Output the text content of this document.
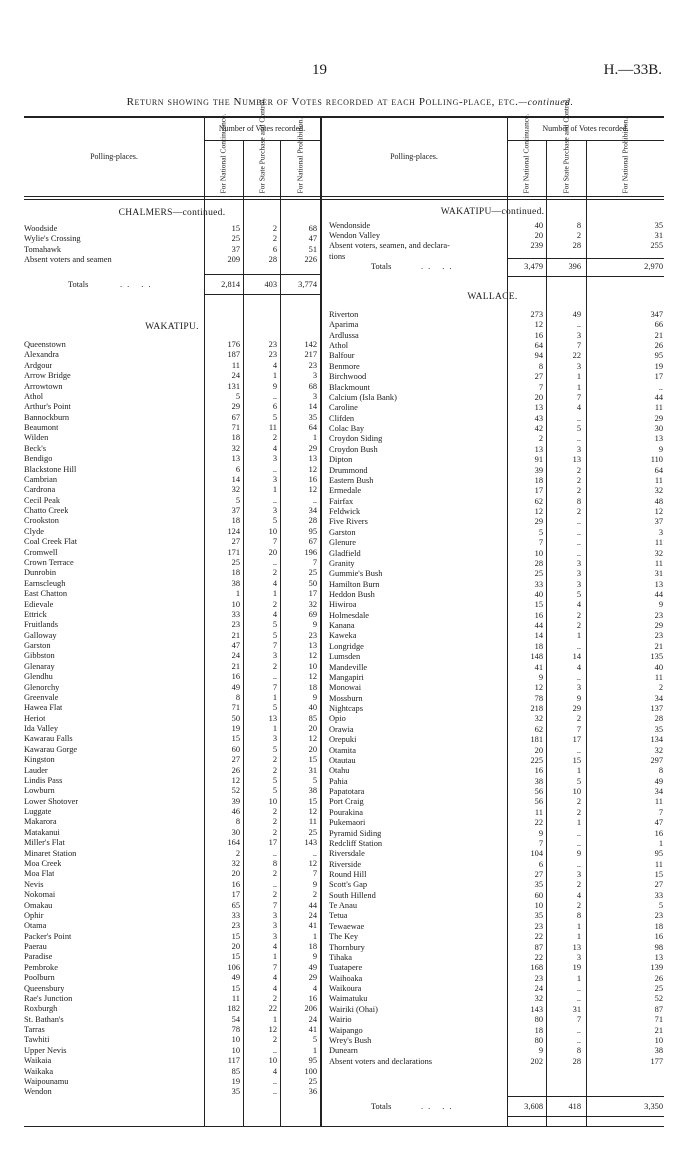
19	H.—33B.
Return showing the Number of Votes recorded at each Polling-place, etc.—continued.
Polling-places.
Number of Votes recorded.
Polling-places.
Number of Votes recorded.
For National Continuance.	For State Purchase and Control.	For National Prohibition.	For National Continuance.	For State Purchase and Control.	For National Prohibition.
CHALMERS—continued.
WAKATIPU.
WAKATIPU—continued.
WALLACE.
Woodside	15	2	68
Wylie's Crossing	25	2	47
Tomahawk	37	6	51
Absent voters and seamen	209	28	226
Queenstown	176	23	142
Alexandra	187	23	217
Ardgour	11	4	23
Arrow Bridge	24	1	3
Arrowtown	131	9	68
Athol	5	..	3
Arthur's Point	29	6	14
Bannockburn	67	5	35
Beaumont	71	11	64
Wilden	18	2	1
Beck's	32	4	29
Bendigo	13	3	13
Blackstone Hill	6	..	12
Cambrian	14	3	16
Cardrona	32	1	12
Cecil Peak	5	..	..
Chatto Creek	37	3	34
Crookston	18	5	28
Clyde	124	10	95
Coal Creek Flat	27	7	67
Cromwell	171	20	196
Crown Terrace	25	..	7
Dunrobin	18	2	25
Earnscleugh	38	4	50
East Chatton	1	1	17
Edievale	10	2	32
Ettrick	33	4	69
Fruitlands	23	5	9
Galloway	21	5	23
Garston	47	7	13
Gibbston	24	3	12
Glenaray	21	2	10
Glendhu	16	..	12
Glenorchy	49	7	18
Greenvale	8	1	9
Hawea Flat	71	5	40
Heriot	50	13	85
Ida Valley	19	1	20
Kawarau Falls	15	3	12
Kawarau Gorge	60	5	20
Kingston	27	2	15
Lauder	26	2	31
Lindis Pass	12	5	5
Lowburn	52	5	38
Lower Shotover	39	10	15
Luggate	46	2	12
Makarora	8	2	11
Matakanui	30	2	25
Miller's Flat	164	17	143
Minaret Station	2	..	..
Moa Creek	32	8	12
Moa Flat	20	2	7
Nevis	16	..	9
Nokomai	17	2	2
Omakau	65	7	44
Ophir	33	3	24
Otama	23	3	41
Packer's Point	15	3	1
Paerau	20	4	18
Paradise	15	1	9
Pembroke	106	7	49
Poolburn	49	4	29
Queensbury	15	4	4
Rae's Junction	11	2	16
Roxburgh	182	22	206
St. Bathan's	54	1	24
Tarras	78	12	41
Tawhiti	10	2	5
Upper Nevis	10	..	1
Waikaia	117	10	95
Waikaka	85	4	100
Waipounamu	19	..	25
Wendon	35	..	36
Wendonside	40	8	35
Wendon Valley	20	2	31
Absent voters, seamen, and declara-	239	28	255
tions
Riverton	273	49	347
Aparima	12	..	66
Ardlussa	16	3	21
Athol	64	7	26
Balfour	94	22	95
Benmore	8	3	19
Birchwood	27	1	17
Blackmount	7	1	..
Calcium (Isla Bank)	20	7	44
Caroline	13	4	11
Clifden	43	..	29
Colac Bay	42	5	30
Croydon Siding	2	..	13
Croydon Bush	13	3	9
Dipton	91	13	110
Drummond	39	2	64
Eastern Bush	18	2	11
Ermedale	17	2	32
Fairfax	62	8	48
Feldwick	12	2	12
Five Rivers	29	..	37
Garston	5	..	3
Glenure	7	..	11
Gladfield	10	..	32
Granity	28	3	11
Gummie's Bush	25	3	31
Hamilton Burn	33	3	13
Heddon Bush	40	5	44
Hiwiroa	15	4	9
Holmesdale	16	2	23
Kanana	44	2	29
Kaweka	14	1	23
Longridge	18	..	21
Lumsden	148	14	135
Mandeville	41	4	40
Mangapiri	9	..	11
Monowai	12	3	2
Mossburn	78	9	34
Nightcaps	218	29	137
Opio	32	2	28
Orawia	62	7	35
Orepuki	181	17	134
Otamita	20	..	32
Otautau	225	15	297
Otahu	16	1	8
Pahia	38	5	49
Papatotara	56	10	34
Port Craig	56	2	11
Pourakina	11	2	7
Pukemaori	22	1	47
Pyramid Siding	9	..	16
Redcliff Station	7	..	1
Riversdale	104	9	95
Riverside	6	..	11
Round Hill	27	3	15
Scott's Gap	35	2	27
South Hillend	60	4	33
Te Anau	10	2	5
Tetua	35	8	23
Tewaewae	23	1	18
The Key	22	1	16
Thornbury	87	13	98
Tihaka	22	3	13
Tuatapere	168	19	139
Waihoaka	23	1	26
Waikoura	24	..	25
Waimatuku	32	..	52
Wairiki (Ohai)	143	31	87
Wairio	80	7	71
Waipango	18	..	21
Wrey's Bush	80	..	10
Dunearn	9	8	38
Absent voters and declarations	202	28	177
Totals	.. ..	2,814	403	3,774
Totals	.. ..	3,479	396	2,970
Totals	.. ..	3,608	418	3,350
